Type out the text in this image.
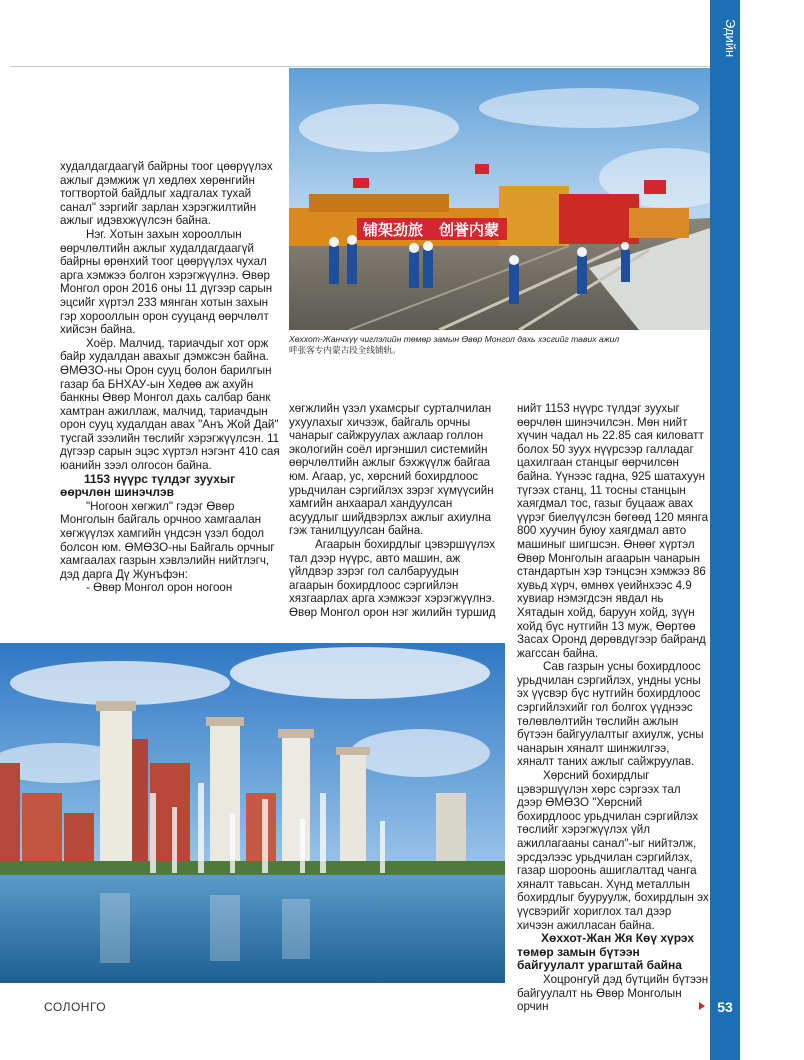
Эдийн
铺架劲旅 创誉内蒙
Хөххот-Жанчхүү чиглэлийн төмөр замын Өвөр Монгол дахь хэсгийг тавих ажил
呼张客专内蒙古段全线铺轨。

худалдагдаагүй байрны тоог цөөрүүлэх ажлыг дэмжиж үл хөдлөх хөрөнгийн тогтвортой байдлыг хадгалах тухай санал" зэргийг зарлан хэрэгжилтийн ажлыг идэвхжүүлсэн байна.

Нэг. Хотын захын хорооллын өөрчлөлтийн ажлыг худалдагдаагүй байрны өрөнхий тоог цөөрүүлэх чухал арга хэмжээ болгон хэрэгжүүлнэ. Өвөр Монгол орон 2016 оны 11 дүгээр сарын эцсийг хүртэл 233 мянган хотын захын гэр хорооллын орон сууцанд өөрчлөлт хийсэн байна.

Хоёр. Малчид, тариачдыг хот орж байр худалдан авахыг дэмжсэн байна. ӨМӨЗО-ны Орон сууц болон барилгын газар ба БНХАУ-ын Хөдөө аж ахуйн банкны Өвөр Монгол дахь салбар банк хамтран ажиллаж, малчид, тариачдын орон сууц худалдан авах "Анъ Жой Дай" тусгай зээлийн төслийг хэрэгжүүлсэн. 11 дүгээр сарын эцэс хүртэл нэгэнт 410 сая юанийн зээл олгосон байна.

1153 нүүрс түлдэг зуухыг өөрчлөн шинэчлэв

"Ногоон хөгжил" гэдэг Өвөр Монголын байгаль орчноо хамгаалан хөгжүүлэх хамгийн үндсэн үзэл бодол болсон юм. ӨМӨЗО-ны Байгаль орчныг хамгаалах газрын хэвлэлийн нийтлэгч, дэд дарга Дү Жунъфэн:

- Өвөр Монгол орон ногоон

хөгжлийн үзэл ухамсрыг сурталчилан ухуулахыг хичээж, байгаль орчны чанарыг сайжруулах ажлаар голлон экологийн соёл иргэншил системийн өөрчлөлтийн ажлыг бэхжүүлж байгаа юм. Агаар, ус, хөрсний бохирдлоос урьдчилан сэргийлэх зэрэг хүмүүсийн хамгийн анхаарал хандуулсан асуудлыг шийдвэрлэх ажлыг ахиулна гэж танилцуулсан байна.

Агаарын бохирдлыг цэвэршүүлэх тал дээр нүүрс, авто машин, аж үйлдвэр зэрэг гол салбаруудын агаарын бохирдлоос сэргийлэн хязгаарлах арга хэмжээг хэрэгжүүлнэ. Өвөр Монгол орон нэг жилийн туршид

нийт 1153 нүүрс түлдэг зуухыг өөрчлөн шинэчилсэн. Мөн нийт хүчин чадал нь 22.85 сая киловатт болох 50 зуух нүүрсээр галладаг цахилгаан станцыг өөрчилсөн байна. Үүнээс гадна, 925 шатахуун түгээх станц, 11 тосны станцын хаягдмал тос, газыг буцааж авах үүрэг биелүүлсэн бөгөөд 120 мянга 800 хуучин буюу хаягдмал авто машиныг шигшсэн. Өнөөг хүртэл Өвөр Монголын агаарын чанарын стандартын хэр тэнцсэн хэмжээ 86 хувьд хүрч, өмнөх үеийнхээс 4.9 хувиар нэмэгдсэн явдал нь Хятадын хойд, баруун хойд, зүүн хойд бүс нутгийн 13 муж, Өөртөө Засах Оронд дөрөвдүгээр байранд жагссан байна.

Сав газрын усны бохирдлоос урьдчилан сэргийлэх, ундны усны эх үүсвэр бүс нутгийн бохирдлоос сэргийлэхийг гол болгох үүднээс төлөвлөлтийн төслийн ажлын бүтээн байгуулалтыг ахиулж, усны чанарын хяналт шинжилгээ, хяналт таних ажлыг сайжруулав.

Хөрсний бохирдлыг цэвэршүүлэн хөрс сэргээх тал дээр ӨМӨЗО "Хөрсний бохирдлоос урьдчилан сэргийлэх төслийг хэрэгжүүлэх үйл ажиллагааны санал"-ыг нийтэлж, эрсдэлээс урьдчилан сэргийлэх, газар шороонь ашиглалтад чанга хяналт тавьсан. Хүнд металлын бохирдлыг бууруулж, бохирдлын эх үүсвэрийг хориглох тал дээр хичээн ажилласан байна.

Хөххот-Жан Жя Көү хүрэх төмөр замын бүтээн байгуулалт урагштай байна

Хоцронгуй дэд бүтцийн бүтээн байгуулалт нь Өвөр Монголын орчин

СОЛОНГО	53
